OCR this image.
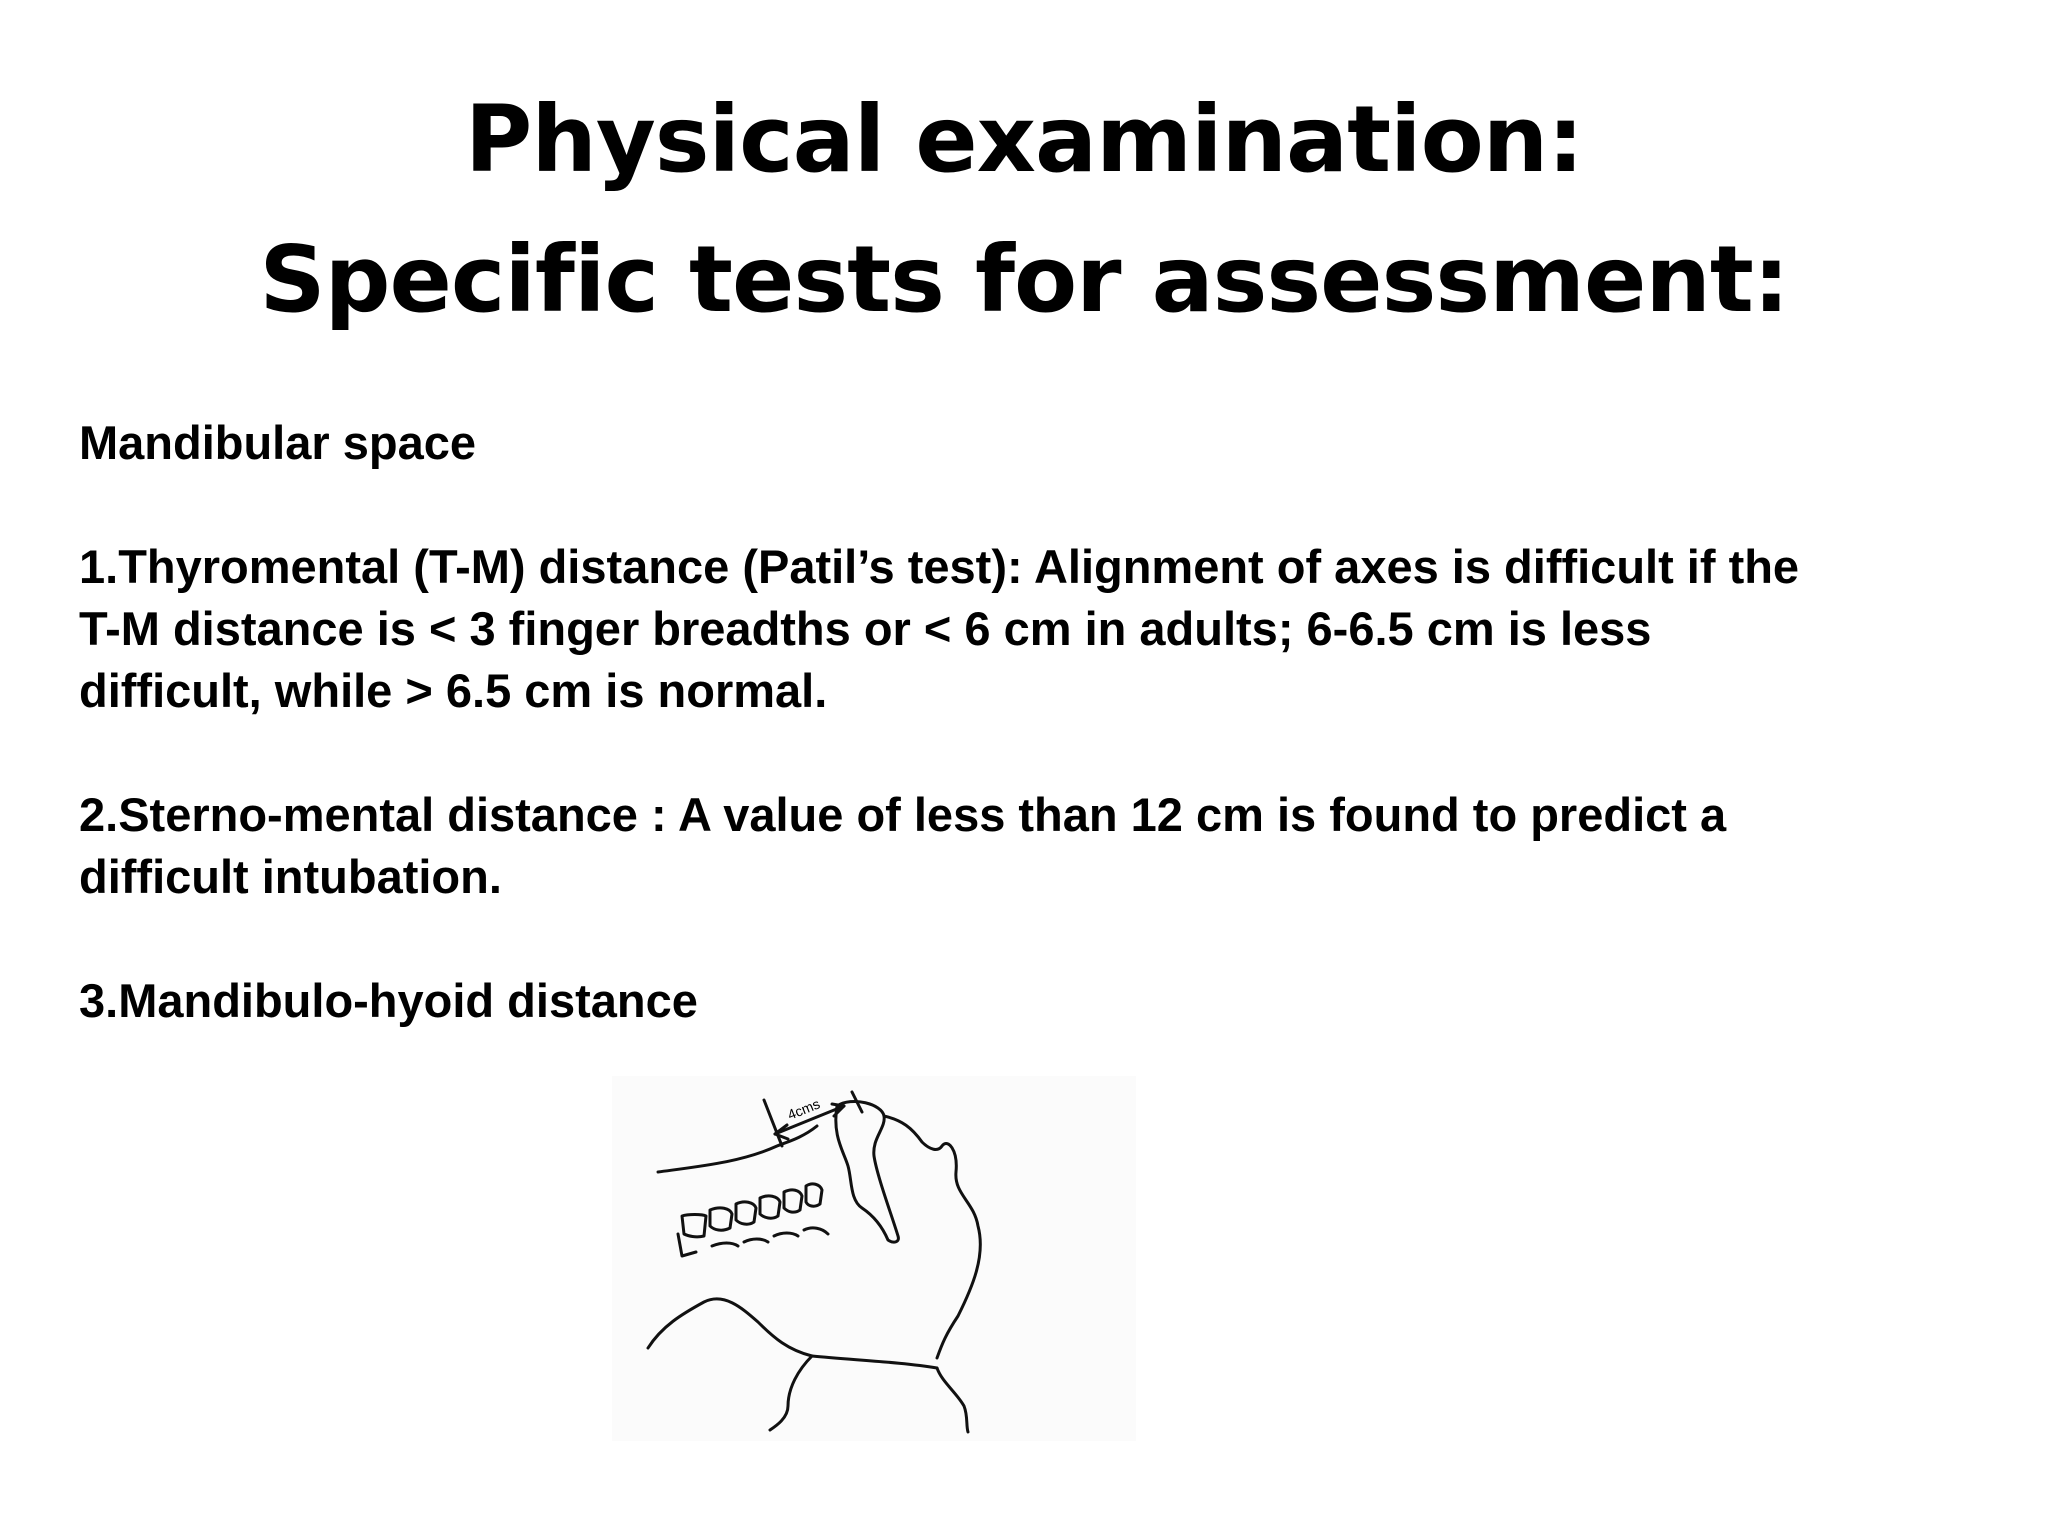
Physical examination:
Specific tests for assessment:
Mandibular space
1.Thyromental (T-M) distance (Patil’s test): Alignment of axes is difficult if the
T-M distance is < 3 finger breadths or < 6 cm in adults; 6-6.5 cm is less
difficult, while > 6.5 cm is normal.
2.Sterno-mental distance : A value of less than 12 cm is found to predict a
difficult intubation.
3.Mandibulo-hyoid distance
4cms
